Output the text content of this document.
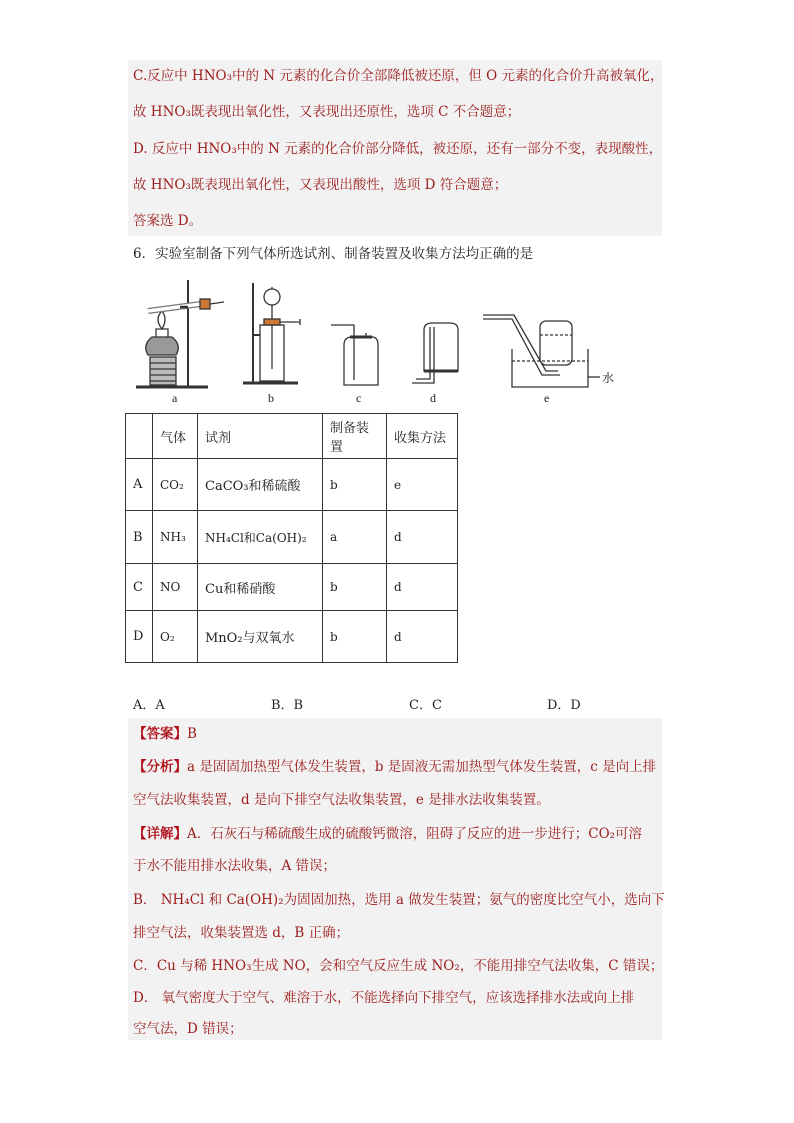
C.反应中 HNO₃中的 N 元素的化合价全部降低被还原，但 O 元素的化合价升高被氧化，
故 HNO₃既表现出氧化性，又表现出还原性，选项 C 不合题意；
D. 反应中 HNO₃中的 N 元素的化合价部分降低，被还原，还有一部分不变，表现酸性，
故 HNO₃既表现出氧化性，又表现出酸性，选项 D 符合题意；
答案选 D。
6．实验室制备下列气体所选试剂、制备装置及收集方法均正确的是
a	b	c	d	e
水
	气体	试剂	制备装置	收集方法
A	CO₂	CaCO₃和稀硫酸	b	e
B	NH₃	NH₄Cl和Ca(OH)₂	a	d
C	NO	Cu和稀硝酸	b	d
D	O₂	MnO₂与双氧水	b	d
A．A	B．B	C．C	D．D
【答案】B
【分析】a 是固固加热型气体发生装置，b 是固液无需加热型气体发生装置，c 是向上排
空气法收集装置，d 是向下排空气法收集装置，e 是排水法收集装置。
【详解】A．石灰石与稀硫酸生成的硫酸钙微溶，阻碍了反应的进一步进行；CO₂可溶
于水不能用排水法收集，A 错误；
B． NH₄Cl 和 Ca(OH)₂为固固加热，选用 a 做发生装置；氨气的密度比空气小，选向下
排空气法，收集装置选 d，B 正确；
C．Cu 与稀 HNO₃生成 NO，会和空气反应生成 NO₂，不能用排空气法收集，C 错误；
D． 氧气密度大于空气、难溶于水，不能选择向下排空气，应该选择排水法或向上排
空气法，D 错误；
